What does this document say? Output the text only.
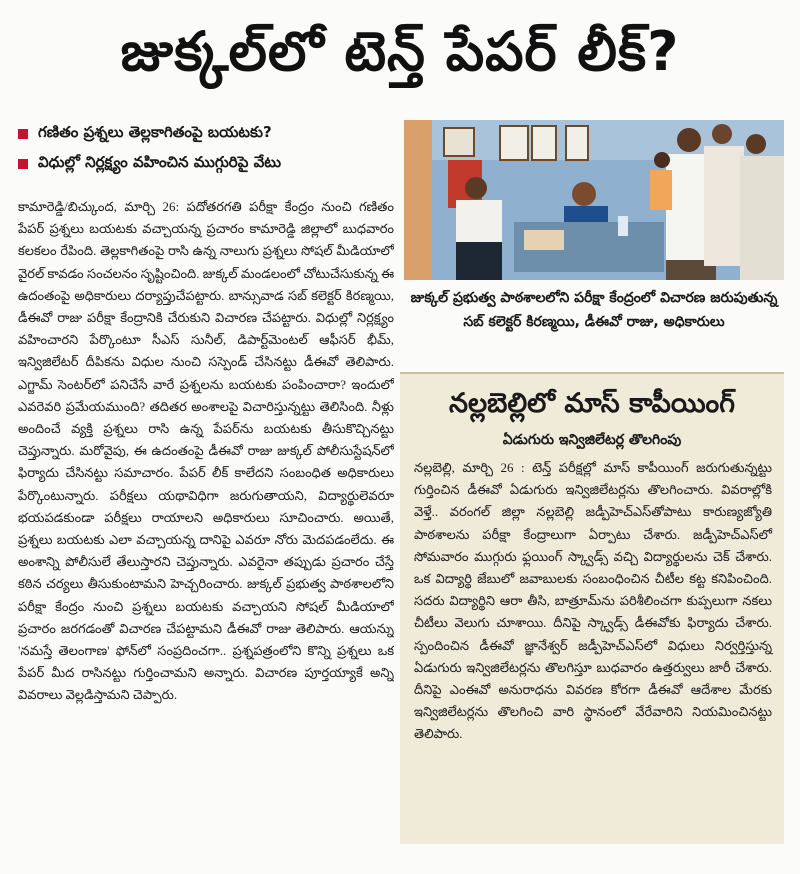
జుక్కల్‌లో టెన్త్ పేపర్ లీక్?
గణితం ప్రశ్నలు తెల్లకాగితంపై బయటకు?
విధుల్లో నిర్లక్ష్యం వహించిన ముగ్గురిపై వేటు
కామారెడ్డి/బిచ్కుంద, మార్చి 26: పదోతరగతి పరీక్షా కేంద్రం నుంచి గణితం పేపర్ ప్రశ్నలు బయటకు వచ్చాయన్న ప్రచారం కామారెడ్డి జిల్లాలో బుధవారం కలకలం రేపింది. తెల్లకాగితంపై రాసి ఉన్న నాలుగు ప్రశ్నలు సోషల్ మీడియాలో వైరల్ కావడం సంచలనం సృష్టించింది. జుక్కల్ మండలంలో చోటుచేసుకున్న ఈ ఉదంతంపై అధికారులు దర్యాప్తుచేపట్టారు. బాన్సువాడ సబ్ కలెక్టర్ కిరణ్మయి, డీఈవో రాజు పరీక్షా కేంద్రానికి చేరుకుని విచారణ చేపట్టారు. విధుల్లో నిర్లక్ష్యం వహించారని పేర్కొంటూ సీఎస్ సునీల్, డిపార్ట్‌మెంటల్ ఆఫీసర్ భీమ్, ఇన్విజిలేటర్ దీపికను విధుల నుంచి సస్పెండ్ చేసినట్టు డీఈవో తెలిపారు. ఎగ్జామ్ సెంటర్‌లో పనిచేసే వారే ప్రశ్నలను బయటకు పంపించారా? ఇందులో ఎవరెవరి ప్రమేయముంది? తదితర అంశాలపై విచారిస్తున్నట్టు తెలిసింది. నీళ్లు అందించే వ్యక్తి ప్రశ్నలు రాసి ఉన్న పేపర్‌ను బయటకు తీసుకొచ్చినట్టు చెప్తున్నారు. మరోవైపు, ఈ ఉదంతంపై డీఈవో రాజు జుక్కల్ పోలీసుస్టేషన్‌లో ఫిర్యాదు చేసినట్టు సమాచారం. పేపర్ లీక్ కాలేదని సంబంధిత అధికారులు పేర్కొంటున్నారు. పరీక్షలు యథావిధిగా జరుగుతాయని, విద్యార్థులెవరూ భయపడకుండా పరీక్షలు రాయాలని అధికారులు సూచించారు. అయితే, ప్రశ్నలు బయటకు ఎలా వచ్చాయన్న దానిపై ఎవరూ నోరు మెదపడంలేదు. ఈ అంశాన్ని పోలీసులే తేలుస్తారని చెప్తున్నారు. ఎవరైనా తప్పుడు ప్రచారం చేస్తే కఠిన చర్యలు తీసుకుంటామని హెచ్చరించారు. జుక్కల్ ప్రభుత్వ పాఠశాలలోని పరీక్షా కేంద్రం నుంచి ప్రశ్నలు బయటకు వచ్చాయని సోషల్ మీడియాలో ప్రచారం జరగడంతో విచారణ చేపట్టామని డీఈవో రాజు తెలిపారు. ఆయన్ను 'నమస్తే తెలంగాణ' ఫోన్‌లో సంప్రదించగా.. ప్రశ్నపత్రంలోని కొన్ని ప్రశ్నలు ఒక పేపర్ మీద రాసినట్టు గుర్తించామని అన్నారు. విచారణ పూర్తయ్యాకే అన్ని వివరాలు వెల్లడిస్తామని చెప్పారు.
జుక్కల్ ప్రభుత్వ పాఠశాలలోని పరీక్షా కేంద్రంలో విచారణ జరుపుతున్న సబ్ కలెక్టర్ కిరణ్మయి, డీఈవో రాజు, అధికారులు
నల్లబెల్లిలో మాస్ కాపీయింగ్
ఏడుగురు ఇన్విజిలేటర్ల తొలగింపు
నల్లబెల్లి, మార్చి 26 : టెన్త్ పరీక్షల్లో మాస్ కాపీయింగ్ జరుగుతున్నట్టు గుర్తించిన డీఈవో ఏడుగురు ఇన్విజిలేటర్లను తొలగించారు. వివరాల్లోకి వెళ్తే.. వరంగల్ జిల్లా నల్లబెల్లి జడ్పీహెచ్ఎస్‌తోపాటు కారుణ్యజ్యోతి పాఠశాలను పరీక్షా కేంద్రాలుగా ఏర్పాటు చేశారు. జడ్పీహెచ్ఎస్‌లో సోమవారం ముగ్గురు ఫ్లయింగ్ స్క్వాడ్స్ వచ్చి విద్యార్థులను చెక్ చేశారు. ఒక విద్యార్థి జేబులో జవాబులకు సంబంధించిన చీటీల కట్ట కనిపించింది. సదరు విద్యార్థిని ఆరా తీసి, బాత్రూమ్‌ను పరిశీలించగా కుప్పలుగా నకలు చీటీలు వెలుగు చూశాయి. దీనిపై స్క్వాడ్స్ డీఈవోకు ఫిర్యాదు చేశారు. స్పందించిన డీఈవో జ్ఞానేశ్వర్ జడ్పీహెచ్ఎస్‌లో విధులు నిర్వర్తిస్తున్న ఏడుగురు ఇన్విజిలేటర్లను తొలగిస్తూ బుధవారం ఉత్తర్వులు జారీ చేశారు. దీనిపై ఎంఈవో అనురాధను వివరణ కోరగా డీఈవో ఆదేశాల మేరకు ఇన్విజిలేటర్లను తొలగించి వారి స్థానంలో వేరేవారిని నియమించినట్టు తెలిపారు.
